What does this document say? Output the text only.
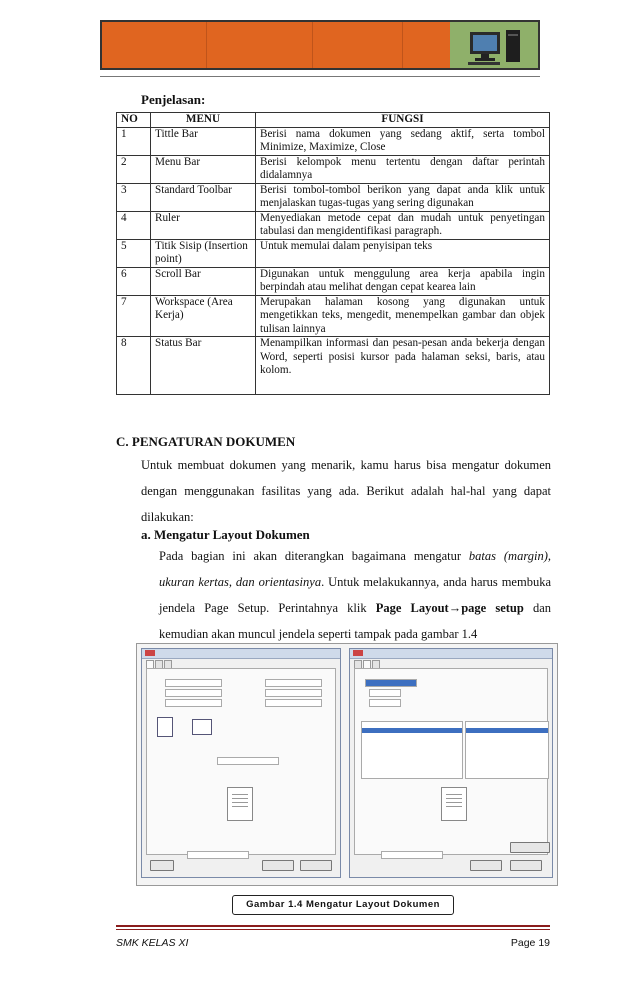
Penjelasan:
NO	MENU	FUNGSI
1	Tittle Bar	Berisi nama dokumen yang sedang aktif, serta tombol Minimize, Maximize, Close
2	Menu Bar	Berisi kelompok menu tertentu dengan daftar perintah didalamnya
3	Standard Toolbar	Berisi tombol-tombol berikon yang dapat anda klik untuk menjalaskan tugas-tugas yang sering digunakan
4	Ruler	Menyediakan metode cepat dan mudah untuk penyetingan tabulasi dan mengidentifikasi paragraph.
5	Titik Sisip (Insertion point)	Untuk memulai dalam penyisipan teks
6	Scroll Bar	Digunakan untuk menggulung area kerja apabila ingin berpindah atau melihat dengan cepat kearea lain
7	Workspace (Area Kerja)	Merupakan halaman kosong yang digunakan untuk mengetikkan teks, mengedit, menempelkan gambar dan objek tulisan lainnya
8	Status Bar	Menampilkan informasi dan pesan-pesan anda bekerja dengan Word, seperti posisi kursor pada halaman seksi, baris, atau kolom.
C. PENGATURAN DOKUMEN
Untuk membuat dokumen yang menarik, kamu harus bisa mengatur dokumen dengan menggunakan fasilitas yang ada. Berikut adalah hal-hal yang dapat dilakukan:
a. Mengatur Layout Dokumen
Pada bagian ini akan diterangkan bagaimana mengatur batas (margin), ukuran kertas, dan orientasinya. Untuk melakukannya, anda harus membuka jendela Page Setup. Perintahnya klik Page Layout→page setup dan kemudian akan muncul jendela seperti tampak pada gambar 1.4
Gambar 1.4 Mengatur Layout Dokumen
SMK KELAS XI	Page 19
